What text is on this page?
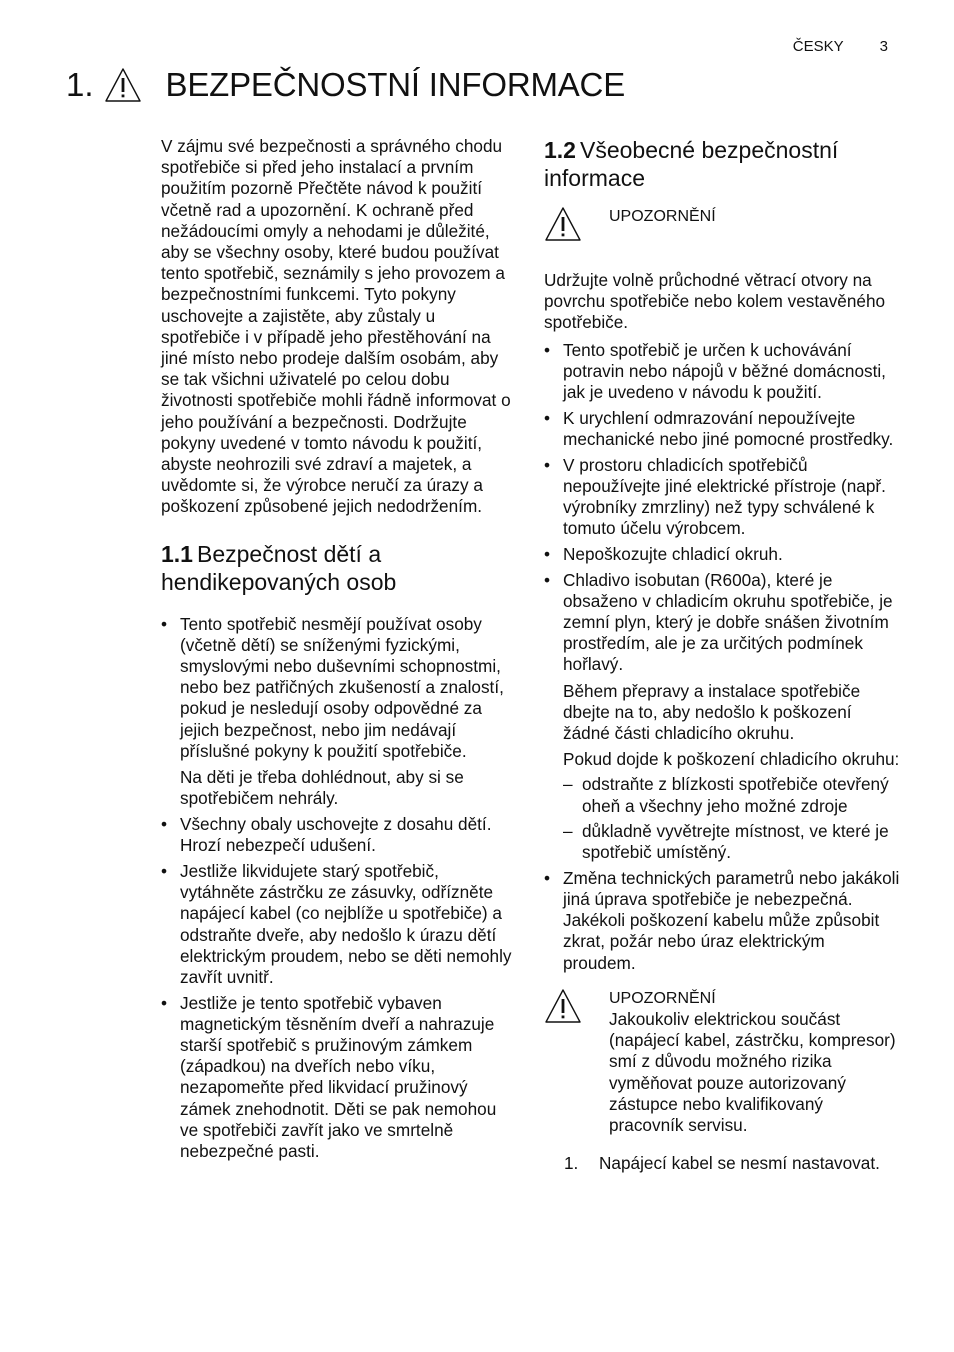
ČESKY 3
1. BEZPEČNOSTNÍ INFORMACE

V zájmu své bezpečnosti a správného chodu spotřebiče si před jeho instalací a prvním použitím pozorně Přečtěte návod k použití včetně rad a upozornění. K ochraně před nežádoucími omyly a nehodami je důležité, aby se všechny osoby, které budou používat tento spotřebič, seznámily s jeho provozem a bezpečnostními funkcemi. Tyto pokyny uschovejte a zajistěte, aby zůstaly u spotřebiče i v případě jeho přestěhování na jiné místo nebo prodeje dalším osobám, aby se tak všichni uživatelé po celou dobu životnosti spotřebiče mohli řádně informovat o jeho používání a bezpečnosti. Dodržujte pokyny uvedené v tomto návodu k použití, abyste neohrozili své zdraví a majetek, a uvědomte si, že výrobce neručí za úrazy a poškození způsobené jejich nedodržením.

1.1 Bezpečnost dětí a hendikepovaných osob
• Tento spotřebič nesmějí používat osoby (včetně dětí) se sníženými fyzickými, smyslovými nebo duševními schopnostmi, nebo bez patřičných zkušeností a znalostí, pokud je nesledují osoby odpovědné za jejich bezpečnost, nebo jim nedávají příslušné pokyny k použití spotřebiče.
Na děti je třeba dohlédnout, aby si se spotřebičem nehrály.
• Všechny obaly uschovejte z dosahu dětí. Hrozí nebezpečí udušení.
• Jestliže likvidujete starý spotřebič, vytáhněte zástrčku ze zásuvky, odřízněte napájecí kabel (co nejblíže u spotřebiče) a odstraňte dveře, aby nedošlo k úrazu dětí elektrickým proudem, nebo se děti nemohly zavřít uvnitř.
• Jestliže je tento spotřebič vybaven magnetickým těsněním dveří a nahrazuje starší spotřebič s pružinovým zámkem (západkou) na dveřích nebo víku, nezapomeňte před likvidací pružinový zámek znehodnotit. Děti se pak nemohou ve spotřebiči zavřít jako ve smrtelně nebezpečné pasti.
1.2 Všeobecné bezpečnostní informace
UPOZORNĚNÍ

Udržujte volně průchodné větrací otvory na povrchu spotřebiče nebo kolem vestavěného spotřebiče.

• Tento spotřebič je určen k uchovávání potravin nebo nápojů v běžné domácnosti, jak je uvedeno v návodu k použití.
• K urychlení odmrazování nepoužívejte mechanické nebo jiné pomocné prostředky.
• V prostoru chladicích spotřebičů nepoužívejte jiné elektrické přístroje (např. výrobníky zmrzliny) než typy schválené k tomuto účelu výrobcem.
• Nepoškozujte chladicí okruh.
• Chladivo isobutan (R600a), které je obsaženo v chladicím okruhu spotřebiče, je zemní plyn, který je dobře snášen životním prostředím, ale je za určitých podmínek hořlavý.
Během přepravy a instalace spotřebiče dbejte na to, aby nedošlo k poškození žádné části chladicího okruhu.
Pokud dojde k poškození chladicího okruhu:
– odstraňte z blízkosti spotřebiče otevřený oheň a všechny jeho možné zdroje
– důkladně vyvětrejte místnost, ve které je spotřebič umístěný.
• Změna technických parametrů nebo jakákoli jiná úprava spotřebiče je nebezpečná. Jakékoli poškození kabelu může způsobit zkrat, požár nebo úraz elektrickým proudem.
UPOZORNĚNÍ
Jakoukoliv elektrickou součást (napájecí kabel, zástrčku, kompresor) smí z důvodu možného rizika vyměňovat pouze autorizovaný zástupce nebo kvalifikovaný pracovník servisu.
1. Napájecí kabel se nesmí nastavovat.
